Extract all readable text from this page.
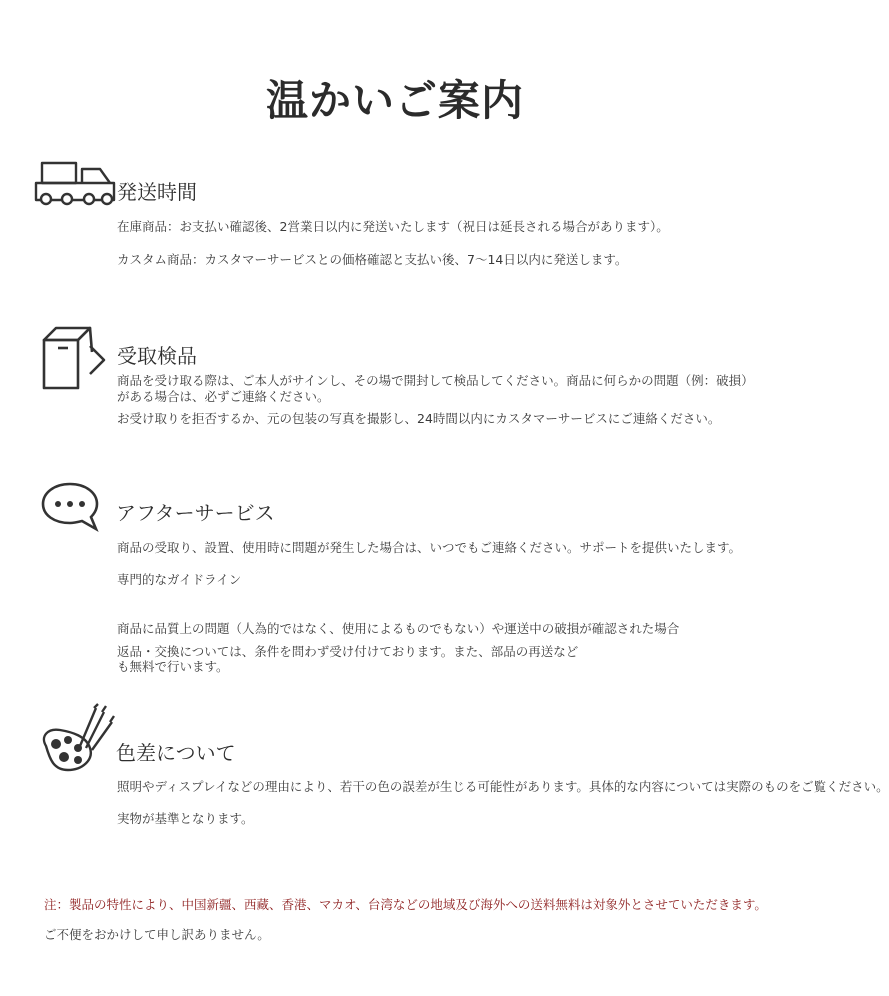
温かいご案内
発送時間
在庫商品：お支払い確認後、2営業日以内に発送いたします（祝日は延長される場合があります）。
カスタム商品：カスタマーサービスとの価格確認と支払い後、7〜14日以内に発送します。
受取検品
商品を受け取る際は、ご本人がサインし、その場で開封して検品してください。商品に何らかの問題（例：破損）がある場合は、必ずご連絡ください。
お受け取りを拒否するか、元の包装の写真を撮影し、24時間以内にカスタマーサービスにご連絡ください。
アフターサービス
商品の受取り、設置、使用時に問題が発生した場合は、いつでもご連絡ください。サポートを提供いたします。
専門的なガイドライン
商品に品質上の問題（人為的ではなく、使用によるものでもない）や運送中の破損が確認された場合
返品・交換については、条件を問わず受け付けております。また、部品の再送なども無料で行います。
色差について
照明やディスプレイなどの理由により、若干の色の誤差が生じる可能性があります。具体的な内容については実際のものをご覧ください。
実物が基準となります。
注：製品の特性により、中国新疆、西藏、香港、マカオ、台湾などの地域及び海外への送料無料は対象外とさせていただきます。
ご不便をおかけして申し訳ありません。
